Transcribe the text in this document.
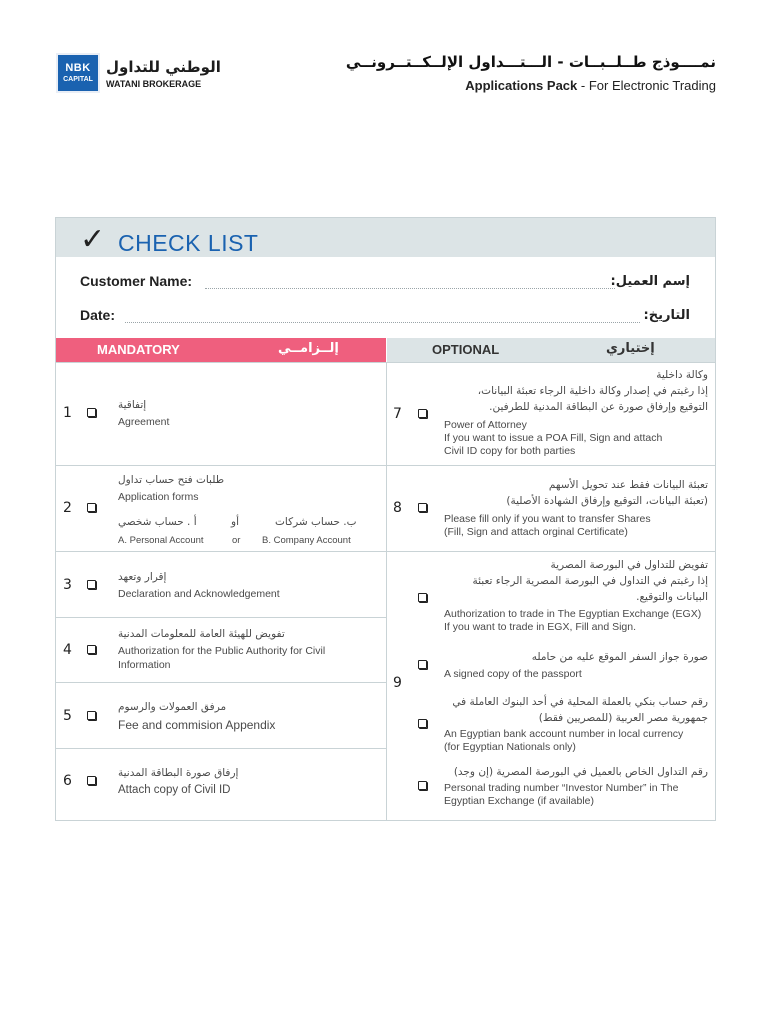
NBK
CAPITAL
الوطني للتداول
WATANI BROKERAGE
نمــــوذج طــلــبــات - الـــتـــداول الإلــكــتــرونــي
Applications Pack - For Electronic Trading
✓ CHECK LIST
Customer Name:	إسم العميل:
Date:	التاريخ:
MANDATORY	إلــزامــي	OPTIONAL	إختياري
1	إتفاقية
Agreement
2
طلبات فتح حساب تداول
Application forms
أ . حساب شخصي	أو	ب. حساب شركات
A. Personal Account	or B. Company Account
3	إقرار وتعهد
Declaration and Acknowledgement
4
تفويض للهيئة العامة للمعلومات المدنية
Authorization for the Public Authority for Civil
Information
5
مرفق العمولات والرسوم
Fee and commision Appendix
6	إرفاق صورة البطاقة المدنية
Attach copy of Civil ID
7
وكالة داخلية
إذا رغبتم في إصدار وكالة داخلية الرجاء تعبئة البيانات،
التوقيع وإرفاق صورة عن البطاقة المدنية للطرفين.
Power of Attorney
If you want to issue a POA Fill, Sign and attach
Civil ID copy for both parties
8
تعبئة البيانات فقط عند تحويل الأسهم
(تعبئة البيانات، التوقيع وإرفاق الشهادة الأصلية)
Please fill only if you want to transfer Shares
(Fill, Sign and attach orginal Certificate)
9
تفويض للتداول في البورصة المصرية
إذا رغبتم في التداول في البورصة المصرية الرجاء تعبئة
البيانات والتوقيع.
Authorization to trade in The Egyptian Exchange (EGX)
If you want to trade in EGX, Fill and Sign.
صورة جواز السفر الموقع عليه من حامله
A signed copy of the passport
رقم حساب بنكي بالعملة المحلية في أحد البنوك العاملة في
جمهورية مصر العربية (للمصريين فقط)
An Egyptian bank account number in local currency
(for Egyptian Nationals only)
رقم التداول الخاص بالعميل في البورصة المصرية (إن وجد)
Personal trading number “Investor Number” in The
Egyptian Exchange (if available)
